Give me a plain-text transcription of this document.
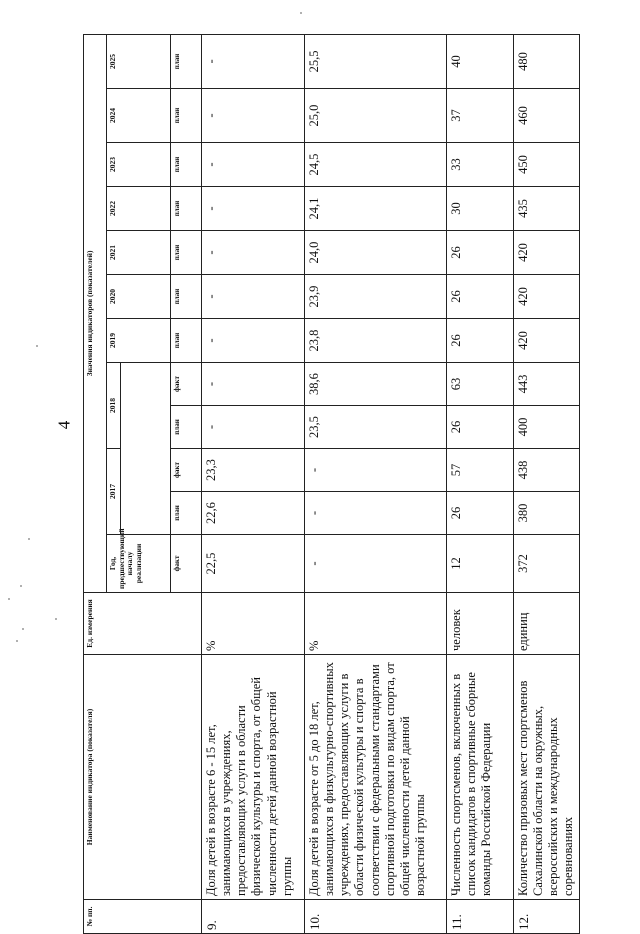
4
№ пп.	Наименование индикатора (показателя)	Ед. измерения	Значения индикаторов (показателей)											
			Год, предшествующий началу реализации	2017		2018		2019	2020	2021	2022	2023	2024	2025

			факт	план	факт	план	факт	план	план	план	план	план	план	план
9.	Доля детей в возрасте 6 - 15 лет, занимающихся в учреждениях, предоставляющих услуги в области физической культуры и спорта, от общей численности детей данной возрастной группы	%	22,5	22,6	23,3	-	-	-	-	-	-	-	-	-
10.	Доля детей в возрасте от 5 до 18 лет, занимающихся в физкультурно-спортивных учреждениях, предоставляющих услуги в области физической культуры и спорта в соответствии с федеральными стандартами спортивной подготовки по видам спорта, от общей численности детей данной возрастной группы	%	-	-	-	23,5	38,6	23,8	23,9	24,0	24,1	24,5	25,0	25,5
11.	Численность спортсменов, включенных в список кандидатов в спортивные сборные команды Российской Федерации	человек	12	26	57	26	63	26	26	26	30	33	37	40
12.	Количество призовых мест спортсменов Сахалинской области на окружных, всероссийских и международных соревнованиях	единиц	372	380	438	400	443	420	420	420	435	450	460	480
